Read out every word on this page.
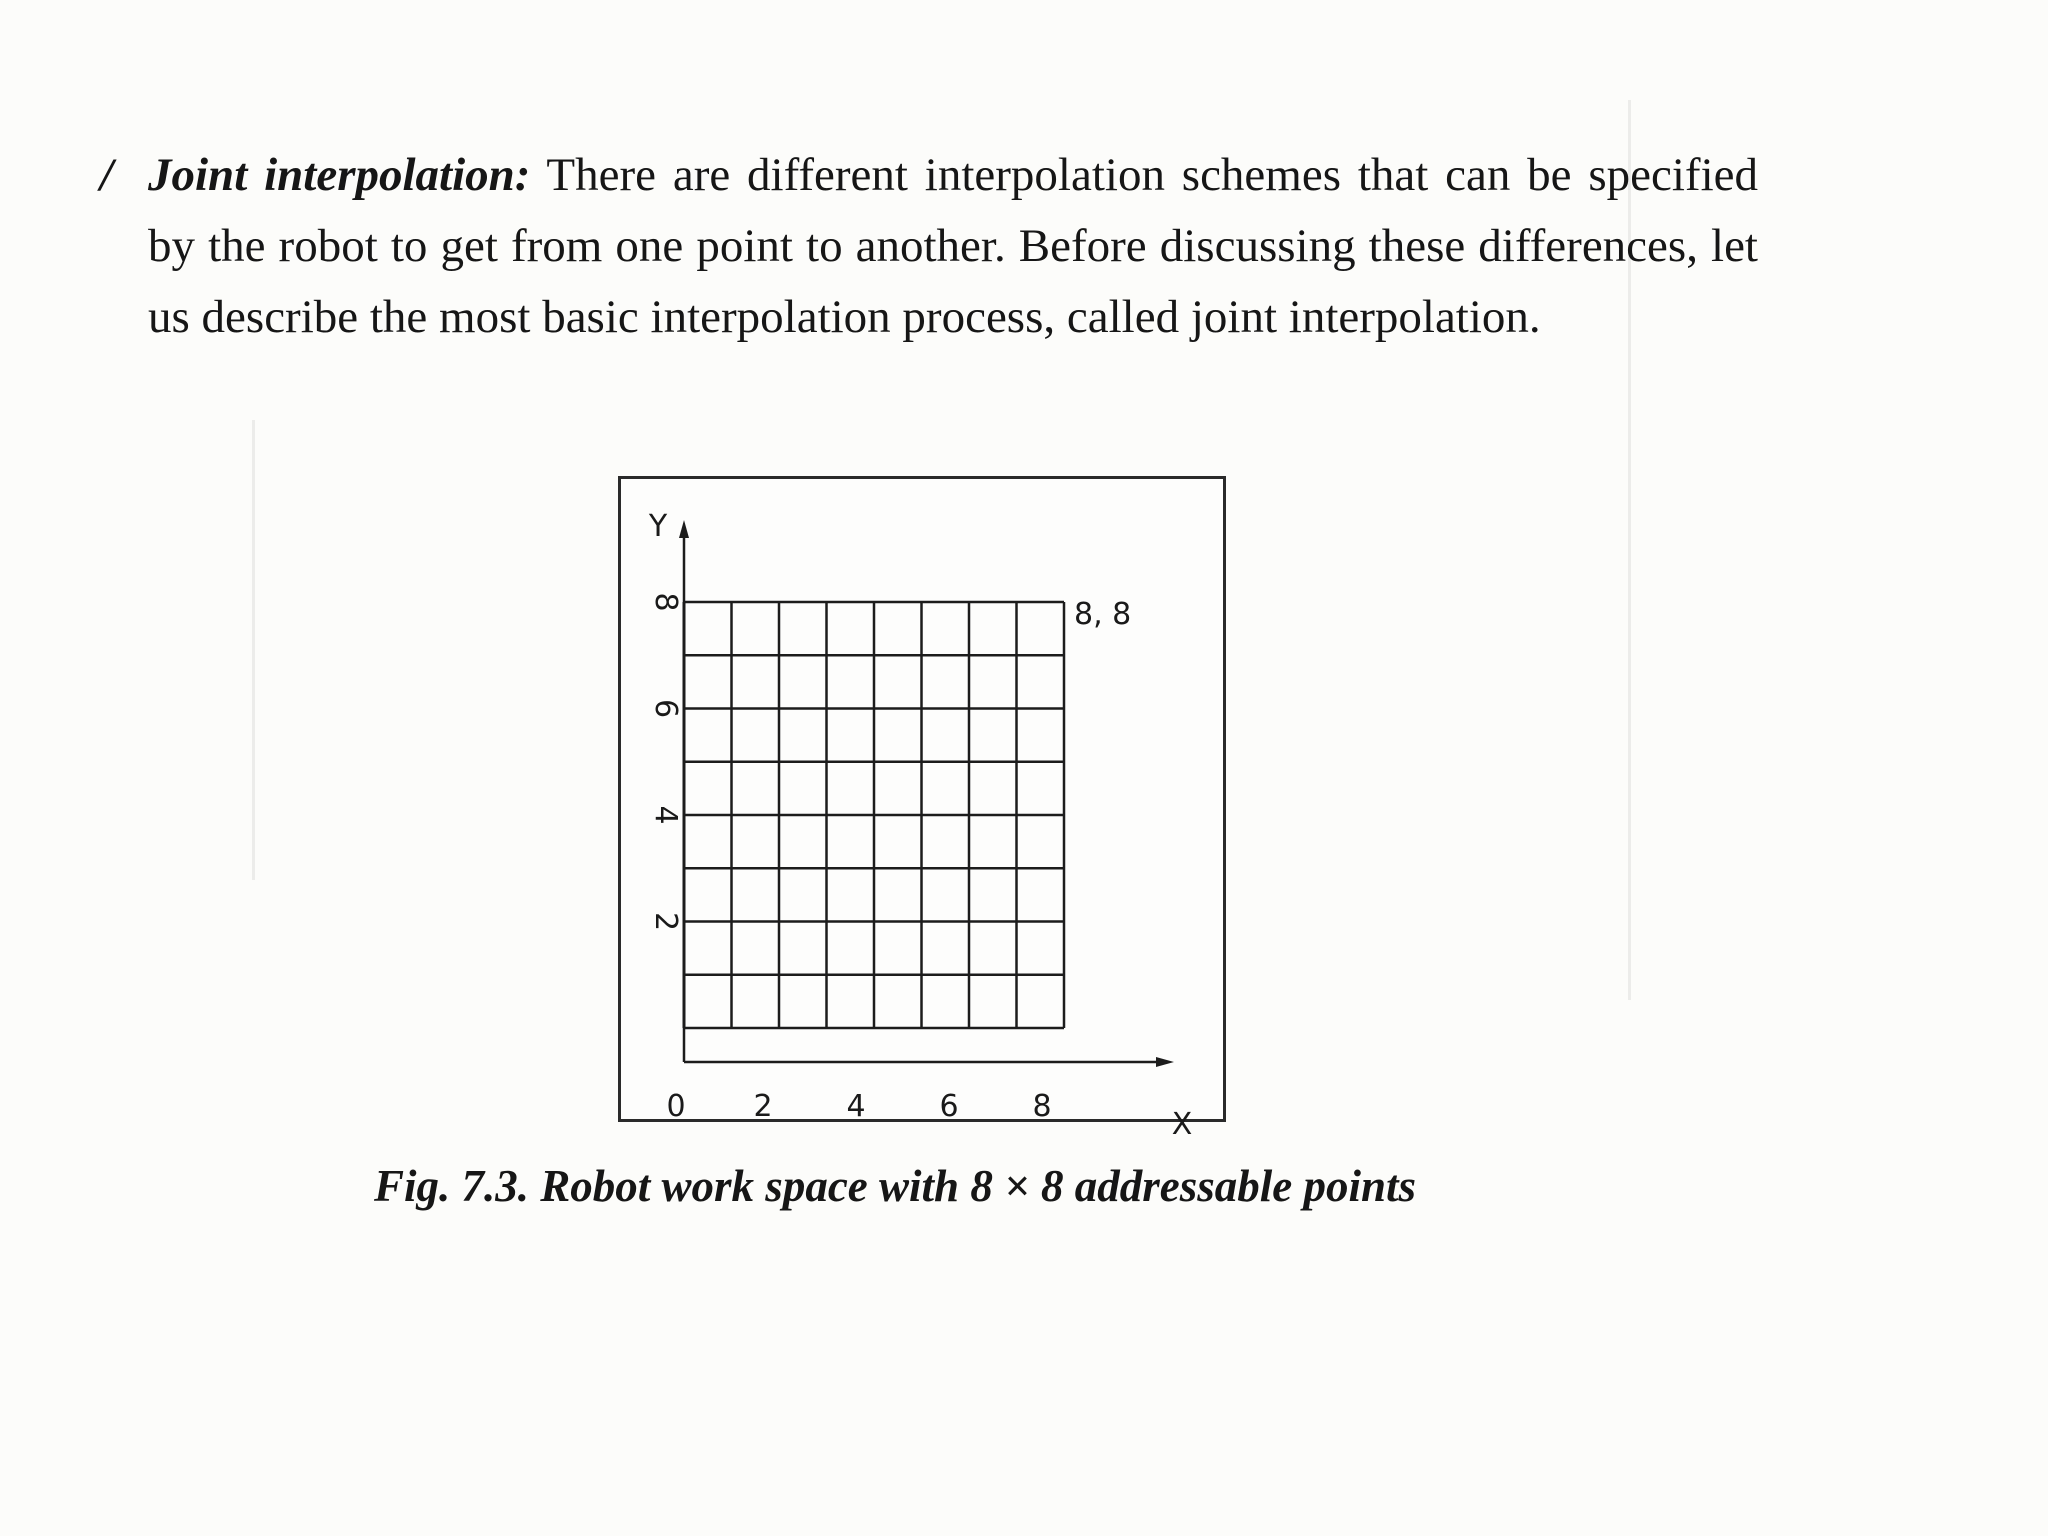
/ Joint interpolation: There are different interpolation schemes that can be specified by the robot to get from one point to another. Before discussing these differences, let us describe the most basic interpolation process, called joint interpolation.
0 2 4 6 8
2
4
6
8
X
Y
8, 8
Fig. 7.3. Robot work space with 8 × 8 addressable points
